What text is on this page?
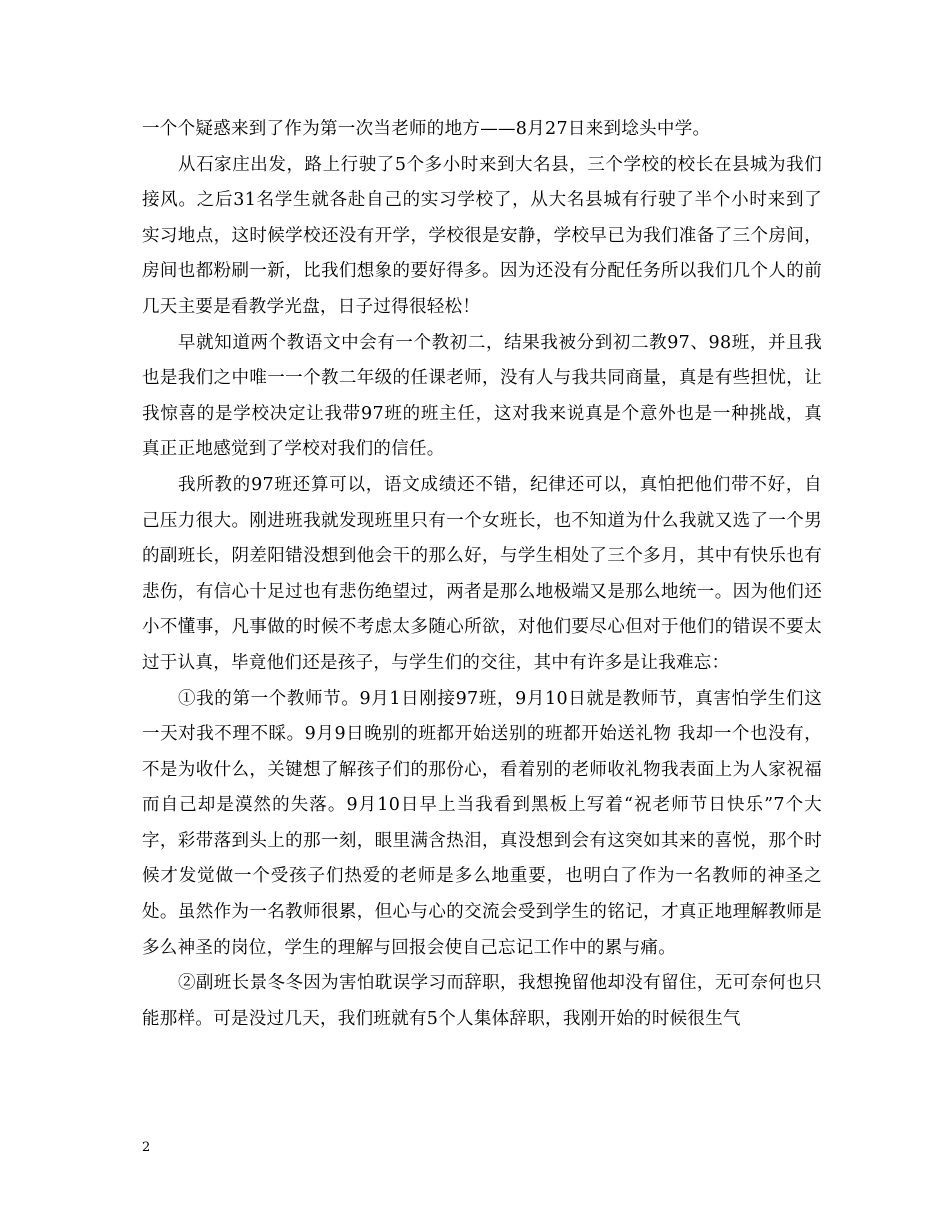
一个个疑惑来到了作为第一次当老师的地方——8月27日来到埝头中学。

从石家庄出发，路上行驶了5个多小时来到大名县，三个学校的校长在县城为我们接风。之后31名学生就各赴自己的实习学校了，从大名县城有行驶了半个小时来到了实习地点，这时候学校还没有开学，学校很是安静，学校早已为我们准备了三个房间，房间也都粉刷一新，比我们想象的要好得多。因为还没有分配任务所以我们几个人的前几天主要是看教学光盘，日子过得很轻松！

早就知道两个教语文中会有一个教初二，结果我被分到初二教97、98班，并且我也是我们之中唯一一个教二年级的任课老师，没有人与我共同商量，真是有些担忧，让我惊喜的是学校决定让我带97班的班主任，这对我来说真是个意外也是一种挑战，真真正正地感觉到了学校对我们的信任。

我所教的97班还算可以，语文成绩还不错，纪律还可以，真怕把他们带不好，自己压力很大。刚进班我就发现班里只有一个女班长，也不知道为什么我就又选了一个男的副班长，阴差阳错没想到他会干的那么好，与学生相处了三个多月，其中有快乐也有悲伤，有信心十足过也有悲伤绝望过，两者是那么地极端又是那么地统一。因为他们还小不懂事，凡事做的时候不考虑太多随心所欲，对他们要尽心但对于他们的错误不要太过于认真，毕竟他们还是孩子，与学生们的交往，其中有许多是让我难忘：

①我的第一个教师节。9月1日刚接97班，9月10日就是教师节，真害怕学生们这一天对我不理不睬。9月9日晚别的班都开始送别的班都开始送礼物 我却一个也没有，不是为收什么，关键想了解孩子们的那份心，看着别的老师收礼物我表面上为人家祝福而自己却是漠然的失落。9月10日早上当我看到黑板上写着“祝老师节日快乐”7个大字，彩带落到头上的那一刻，眼里满含热泪，真没想到会有这突如其来的喜悦，那个时候才发觉做一个受孩子们热爱的老师是多么地重要，也明白了作为一名教师的神圣之处。虽然作为一名教师很累，但心与心的交流会受到学生的铭记，才真正地理解教师是多么神圣的岗位，学生的理解与回报会使自己忘记工作中的累与痛。

②副班长景冬冬因为害怕耽误学习而辞职，我想挽留他却没有留住，无可奈何也只能那样。可是没过几天，我们班就有5个人集体辞职，我刚开始的时候很生气

2
